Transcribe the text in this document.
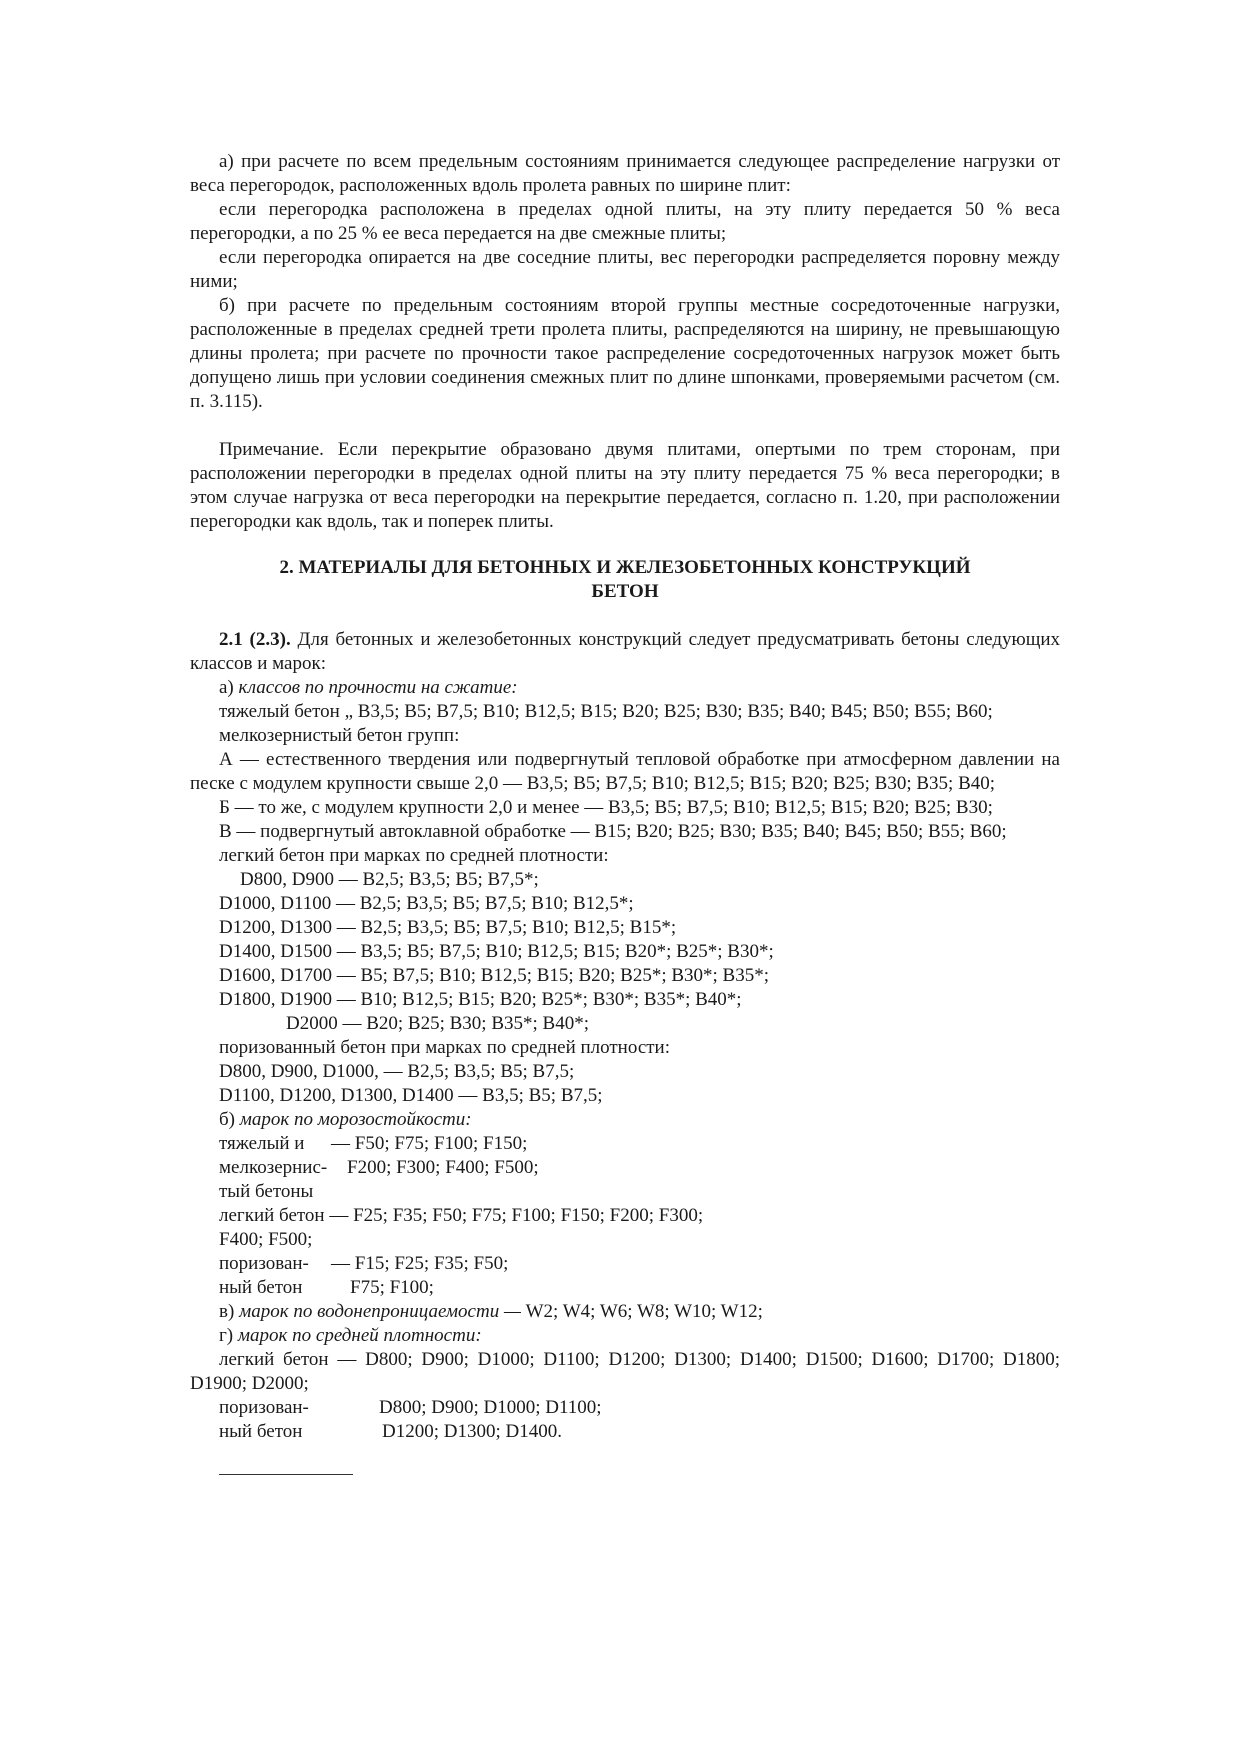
а) при расчете по всем предельным состояниям принимается следующее распределение нагрузки от веса перегородок, расположенных вдоль пролета равных по ширине плит:

если перегородка расположена в пределах одной плиты, на эту плиту передается 50 % веса перегородки, а по 25 % ее веса передается на две смежные плиты;

если перегородка опирается на две соседние плиты, вес перегородки распределяется поровну между ними;

б) при расчете по предельным состояниям второй группы местные сосредоточенные нагрузки, расположенные в пределах средней трети пролета плиты, распределяются на ширину, не превышающую длины пролета; при расчете по прочности такое распределение сосредоточенных нагрузок может быть допущено лишь при условии соединения смежных плит по длине шпонками, проверяемыми расчетом (см. п. 3.115).

Примечание. Если перекрытие образовано двумя плитами, опертыми по трем сторонам, при расположении перегородки в пределах одной плиты на эту плиту передается 75 % веса перегородки; в этом случае нагрузка от веса перегородки на перекрытие передается, согласно п. 1.20, при расположении перегородки как вдоль, так и поперек плиты.

2. МАТЕРИАЛЫ ДЛЯ БЕТОННЫХ И ЖЕЛЕЗОБЕТОННЫХ КОНСТРУКЦИЙ

БЕТОН

2.1 (2.3). Для бетонных и железобетонных конструкций следует предусматривать бетоны следующих классов и марок:

а) классов по прочности на сжатие:

тяжелый бетон „ В3,5; В5; В7,5; В10; В12,5; В15; В20; В25; В30; В35; В40; В45; В50; В55; В60;

мелкозернистый бетон групп:

А — естественного твердения или подвергнутый тепловой обработке при атмосферном давлении на песке с модулем крупности свыше 2,0 — В3,5; В5; В7,5; В10; В12,5; В15; В20; В25; В30; В35; В40;

Б — то же, с модулем крупности 2,0 и менее — В3,5; В5; В7,5; В10; В12,5; В15; В20; В25; В30;

В — подвергнутый автоклавной обработке — В15; В20; В25; В30; В35; В40; В45; В50; В55; В60;

легкий бетон при марках по средней плотности:

D800, D900 — В2,5; В3,5; В5; В7,5*;

D1000, D1100 — В2,5; В3,5; В5; В7,5; В10; В12,5*;

D1200, D1300 — В2,5; В3,5; В5; В7,5; В10; В12,5; В15*;

D1400, D1500 — В3,5; В5; В7,5; В10; В12,5; В15; В20*; В25*; В30*;

D1600, D1700 — В5; В7,5; В10; В12,5; В15; В20; В25*; В30*; В35*;

D1800, D1900 — В10; В12,5; В15; В20; В25*; В30*; В35*; В40*;

D2000 — В20; В25; В30; В35*; В40*;

поризованный бетон при марках по средней плотности:

D800, D900, D1000, — В2,5; В3,5; В5; В7,5;

D1100, D1200, D1300, D1400 — В3,5; В5; В7,5;

б) марок по морозостойкости:

тяжелый и	— F50; F75; F100; F150;
мелкозернис-	F200; F300; F400; F500;

тый бетоны

легкий бетон — F25; F35; F50; F75; F100; F150; F200; F300;

F400; F500;

поризован-	— F15; F25; F35; F50;
ный бетон	F75; F100;

в) марок по водонепроницаемости — W2; W4; W6; W8; W10; W12;

г) марок по средней плотности:

легкий бетон — D800; D900; D1000; D1100; D1200; D1300; D1400; D1500; D1600; D1700; D1800; D1900; D2000;

поризован-	D800; D900; D1000; D1100;
ный бетон	D1200; D1300; D1400.
